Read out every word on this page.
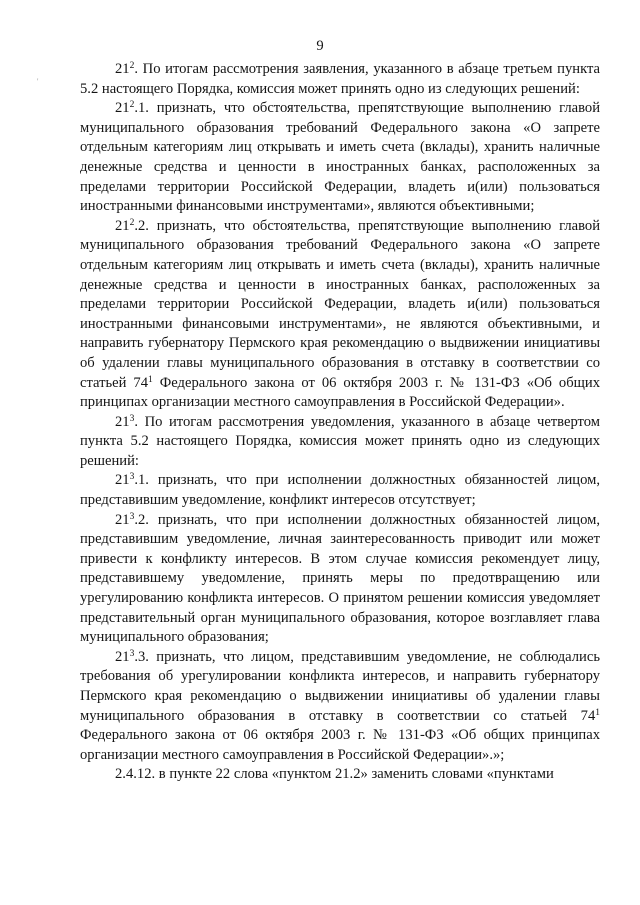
9
'

$21^2$. По итогам рассмотрения заявления, указанного в абзаце третьем пункта 5.2 настоящего Порядка, комиссия может принять одно из следующих решений:

$21^2.1$. признать, что обстоятельства, препятствующие выполнению главой муниципального образования требований Федерального закона «О запрете отдельным категориям лиц открывать и иметь счета (вклады), хранить наличные денежные средства и ценности в иностранных банках, расположенных за пределами территории Российской Федерации, владеть и(или) пользоваться иностранными финансовыми инструментами», являются объективными;

$21^2.2$. признать, что обстоятельства, препятствующие выполнению главой муниципального образования требований Федерального закона «О запрете отдельным категориям лиц открывать и иметь счета (вклады), хранить наличные денежные средства и ценности в иностранных банках, расположенных за пределами территории Российской Федерации, владеть и(или) пользоваться иностранными финансовыми инструментами», не являются объективными, и направить губернатору Пермского края рекомендацию о выдвижении инициативы об удалении главы муниципального образования в отставку в соответствии со статьей $74^1$ Федерального закона от 06 октября 2003 г. № 131-ФЗ «Об общих принципах организации местного самоуправления в Российской Федерации».

$21^3$. По итогам рассмотрения уведомления, указанного в абзаце четвертом пункта 5.2 настоящего Порядка, комиссия может принять одно из следующих решений:

$21^3.1$. признать, что при исполнении должностных обязанностей лицом, представившим уведомление, конфликт интересов отсутствует;

$21^3.2$. признать, что при исполнении должностных обязанностей лицом, представившим уведомление, личная заинтересованность приводит или может привести к конфликту интересов. В этом случае комиссия рекомендует лицу, представившему уведомление, принять меры по предотвращению или урегулированию конфликта интересов. О принятом решении комиссия уведомляет представительный орган муниципального образования, которое возглавляет глава муниципального образования;

$21^3.3$. признать, что лицом, представившим уведомление, не соблюдались требования об урегулировании конфликта интересов, и направить губернатору Пермского края рекомендацию о выдвижении инициативы об удалении главы муниципального образования в отставку в соответствии со статьей $74^1$ Федерального закона от 06 октября 2003 г. № 131-ФЗ «Об общих принципах организации местного самоуправления в Российской Федерации».»;

2.4.12. в пункте 22 слова «пунктом 21.2» заменить словами «пунктами
